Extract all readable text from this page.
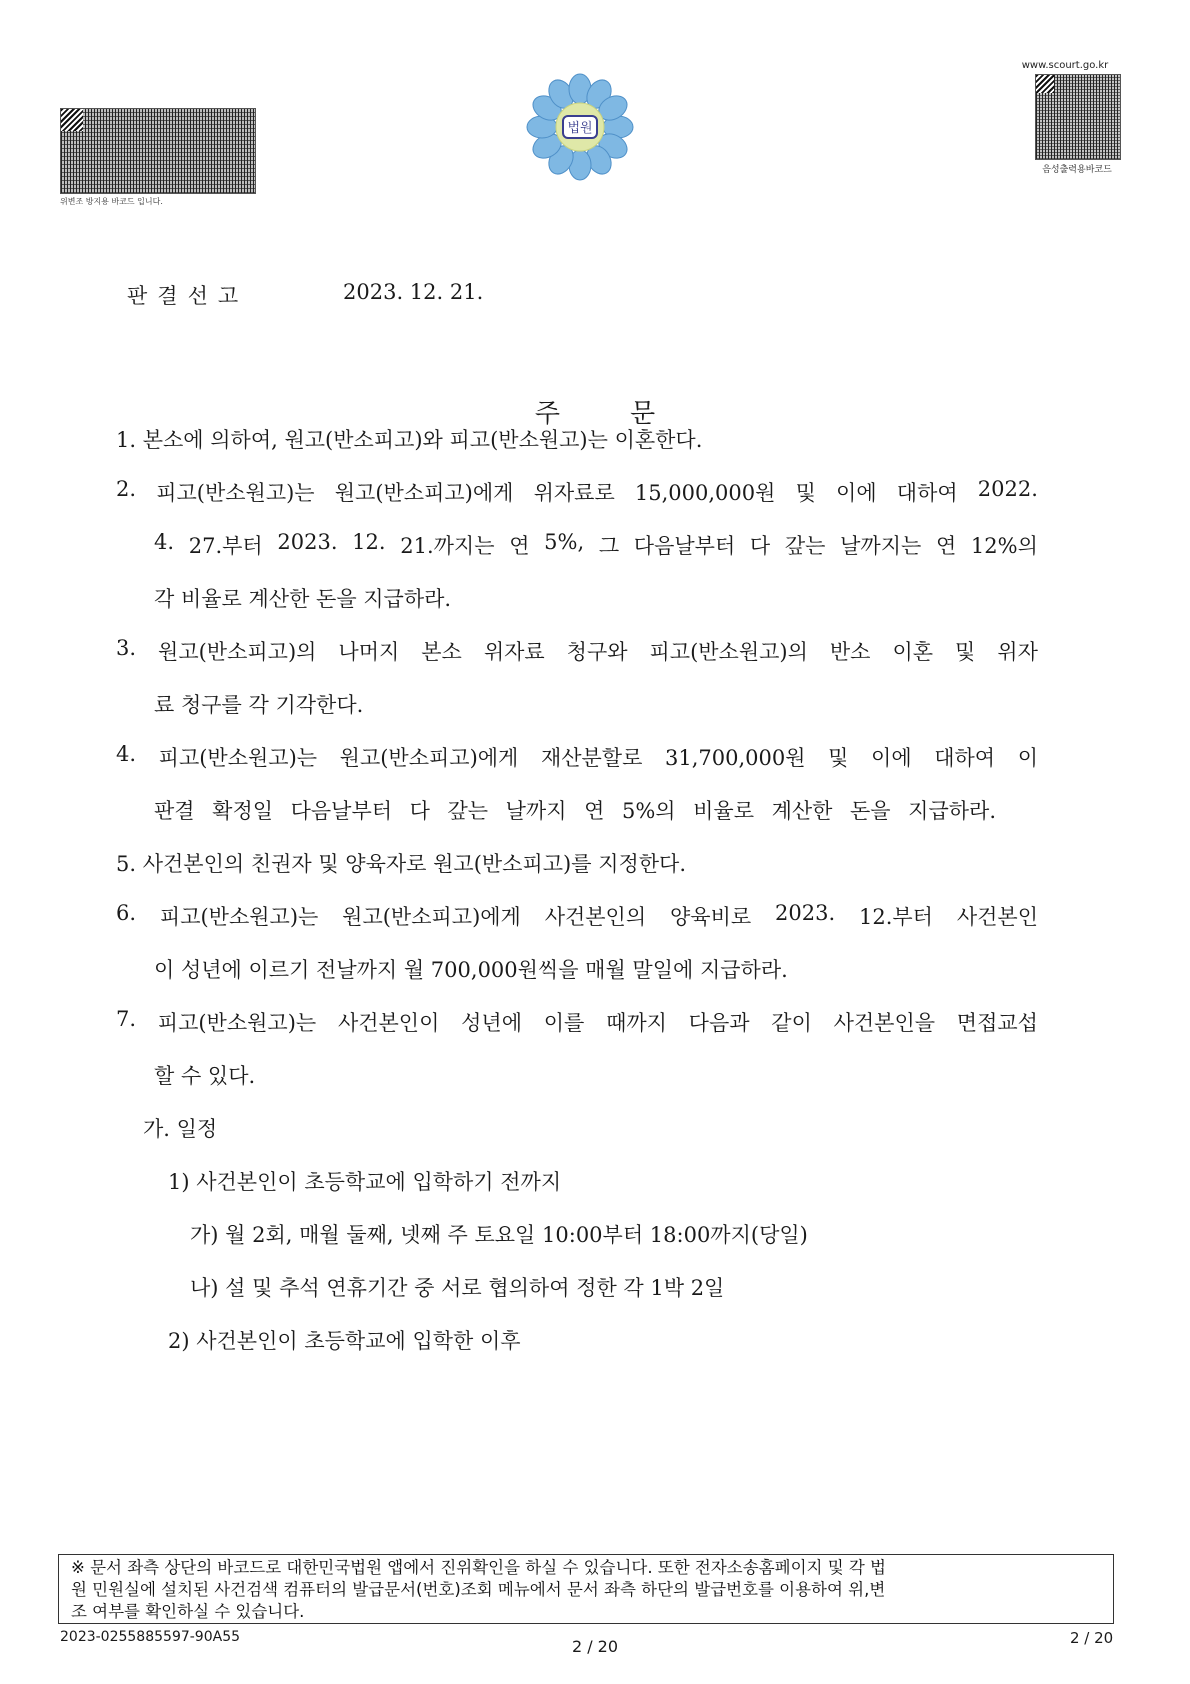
위변조 방지용 바코드 입니다.
법원
www.scourt.go.kr
음성출력용바코드
판결선고	2023. 12. 21.
주문
1. 본소에 의하여, 원고(반소피고)와 피고(반소원고)는 이혼한다.
2. 피고(반소원고)는 원고(반소피고)에게 위자료로 15,000,000원 및 이에 대하여 2022.
4. 27.부터 2023. 12. 21.까지는 연 5%, 그 다음날부터 다 갚는 날까지는 연 12%의
각 비율로 계산한 돈을 지급하라.
3. 원고(반소피고)의 나머지 본소 위자료 청구와 피고(반소원고)의 반소 이혼 및 위자
료 청구를 각 기각한다.
4. 피고(반소원고)는 원고(반소피고)에게 재산분할로 31,700,000원 및 이에 대하여 이
판결 확정일 다음날부터 다 갚는 날까지 연 5%의 비율로 계산한 돈을 지급하라.
5. 사건본인의 친권자 및 양육자로 원고(반소피고)를 지정한다.
6. 피고(반소원고)는 원고(반소피고)에게 사건본인의 양육비로 2023. 12.부터 사건본인
이 성년에 이르기 전날까지 월 700,000원씩을 매월 말일에 지급하라.
7. 피고(반소원고)는 사건본인이 성년에 이를 때까지 다음과 같이 사건본인을 면접교섭
할 수 있다.
가. 일정
1) 사건본인이 초등학교에 입학하기 전까지
가) 월 2회, 매월 둘째, 넷째 주 토요일 10:00부터 18:00까지(당일)
나) 설 및 추석 연휴기간 중 서로 협의하여 정한 각 1박 2일
2) 사건본인이 초등학교에 입학한 이후
※ 문서 좌측 상단의 바코드로 대한민국법원 앱에서 진위확인을 하실 수 있습니다. 또한 전자소송홈페이지 및 각 법
원 민원실에 설치된 사건검색 컴퓨터의 발급문서(번호)조회 메뉴에서 문서 좌측 하단의 발급번호를 이용하여 위,변
조 여부를 확인하실 수 있습니다.
2023-0255885597-90A55	2 / 20	2 / 20
